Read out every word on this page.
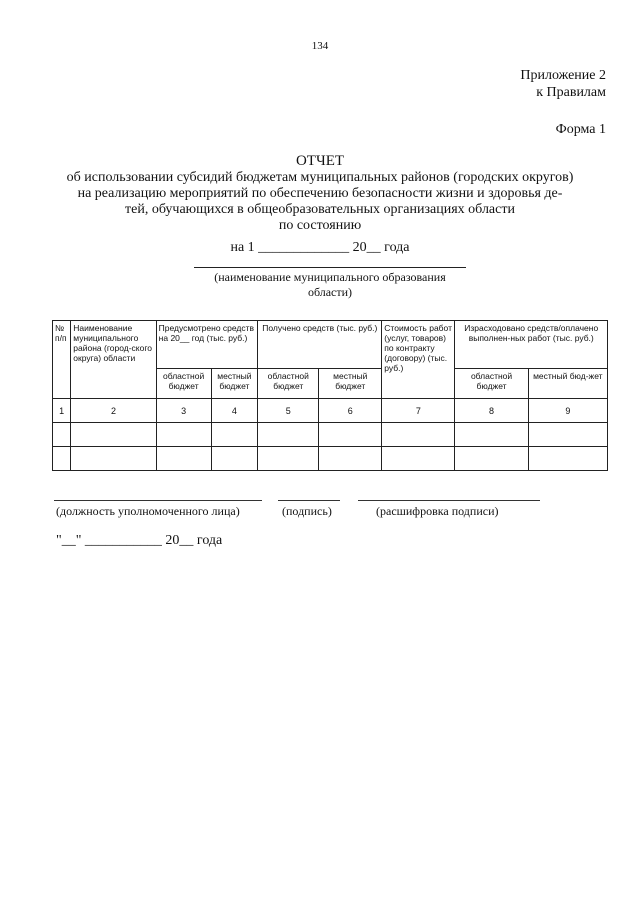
134
Приложение 2
к Правилам
Форма 1
ОТЧЕТ
об использовании субсидий бюджетам муниципальных районов (городских округов)
на реализацию мероприятий по обеспечению безопасности жизни и здоровья де-
тей, обучающихся в общеобразовательных организациях области
по состоянию
на 1 _____________ 20__ года
(наименование муниципального образования области)
№ п/п	Наименование муниципального района (город-ского округа) области	Предусмотрено средств на 20__ год (тыс. руб.)		Получено средств (тыс. руб.)		Стоимость работ (услуг, товаров) по контракту (договору) (тыс. руб.)	Израсходовано средств/оплачено выполнен-ных работ (тыс. руб.)	
		областной бюджет	местный бюджет	областной бюджет	местный бюджет		областной бюджет	местный бюд-жет
1	2	3	4	5	6	7	8	9

(должность уполномоченного лица)	(подпись)	(расшифровка подписи)
"__" ___________ 20__ года
